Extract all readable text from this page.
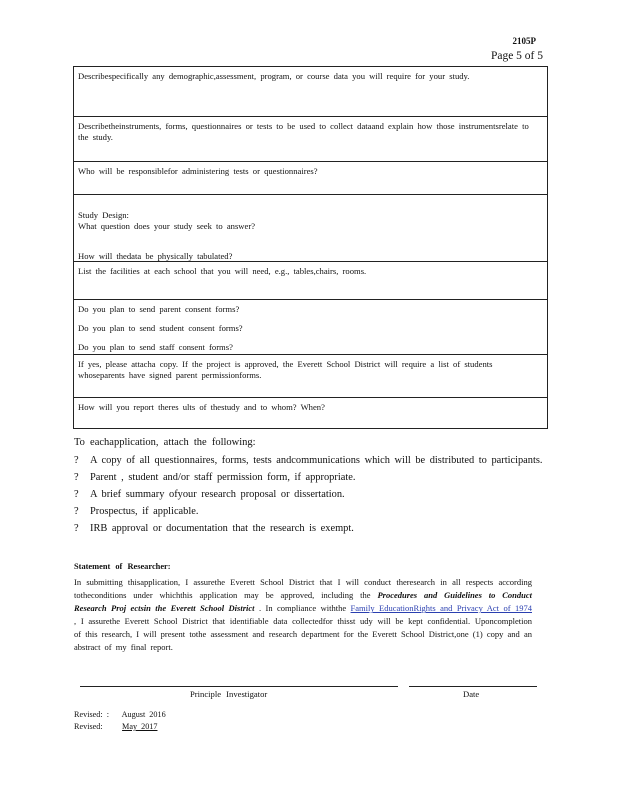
2105P
Page 5 of 5

Describespecifically any demographic,assessment, program, or course data you will require for your study.

Describetheinstruments, forms, questionnaires or tests to be used to collect dataand explain how those instrumentsrelate to the study.

Who will be responsiblefor administering tests or questionnaires?

Study Design:
What question does your study seek to answer?

How will thedata be physically tabulated?

List the facilities at each school that you will need, e.g., tables,chairs, rooms.

Do you plan to send parent consent forms?

Do you plan to send student consent forms?

Do you plan to send staff consent forms?

If yes, please attacha copy. If the project is approved, the Everett School District will require a list of students whoseparents have signed parent permissionforms.

How will you report theres ults of thestudy and to whom? When?

To eachapplication, attach the following:
? A copy of all questionnaires, forms, tests andcommunications which will be distributed to participants.
? Parent , student and/or staff permission form, if appropriate.
? A brief summary ofyour research proposal or dissertation.
? Prospectus, if applicable.
? IRB approval or documentation that the research is exempt.
Statement of Researcher:
In submitting thisapplication, I assurethe Everett School District that I will conduct theresearch in all respects according totheconditions under whichthis application may be approved, including the Procedures and Guidelines to Conduct Research Proj ectsin the Everett School District . In compliance withthe Family EducationRights and Privacy Act of 1974 , I assurethe Everett School District that identifiable data collectedfor thisst udy will be kept confidential. Uponcompletion of this research, I will present tothe assessment and research department for the Everett School District,one (1) copy and an abstract of my final report.
Principle Investigator	Date
Revised: : August 2016
Revised: May 2017
